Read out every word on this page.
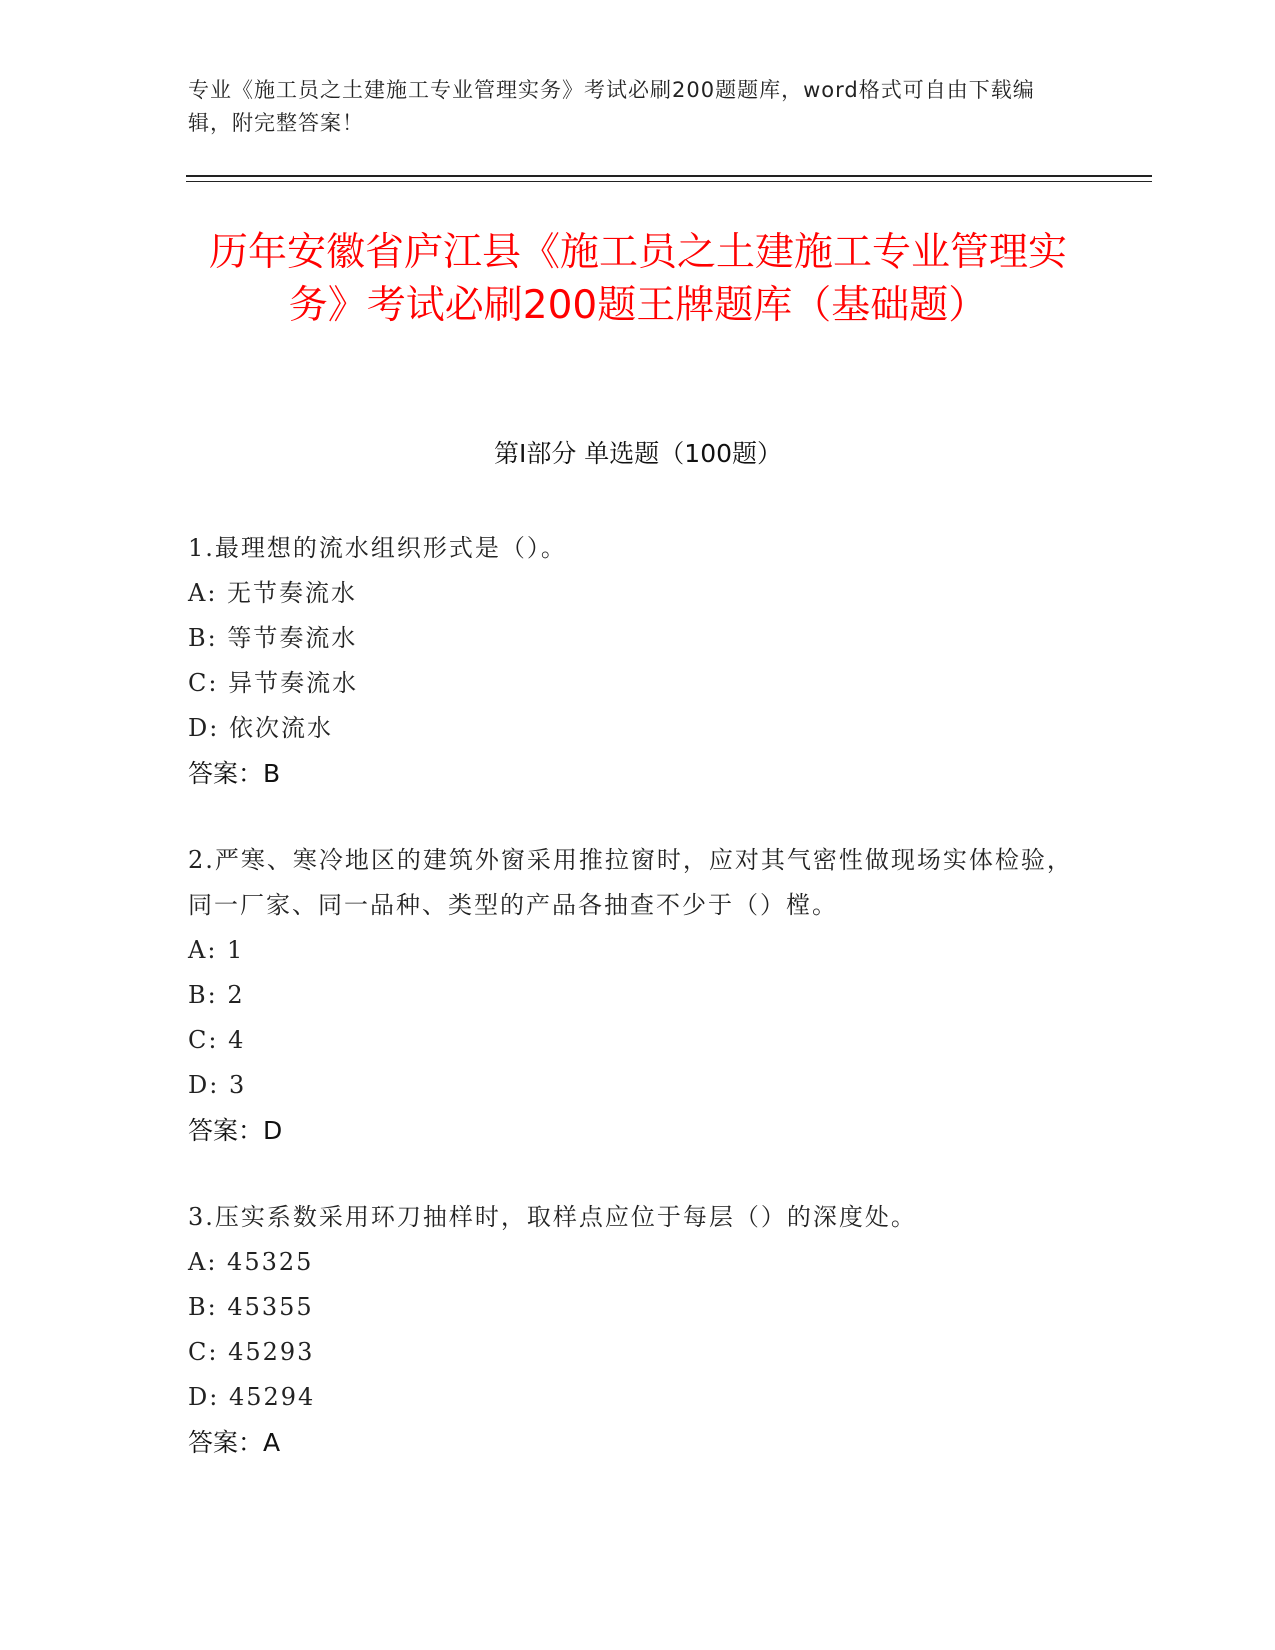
专业《施工员之土建施工专业管理实务》考试必刷200题题库，word格式可自由下载编辑，附完整答案！
历年安徽省庐江县《施工员之土建施工专业管理实务》考试必刷200题王牌题库（基础题）
第I部分 单选题（100题）

1.最理想的流水组织形式是（）。

A: 无节奏流水

B: 等节奏流水

C: 异节奏流水

D: 依次流水

答案：B

2.严寒、寒冷地区的建筑外窗采用推拉窗时，应对其气密性做现场实体检验，同一厂家、同一品种、类型的产品各抽查不少于（）樘。

A: 1

B: 2

C: 4

D: 3

答案：D

3.压实系数采用环刀抽样时，取样点应位于每层（）的深度处。

A: 45325

B: 45355

C: 45293

D: 45294

答案：A
